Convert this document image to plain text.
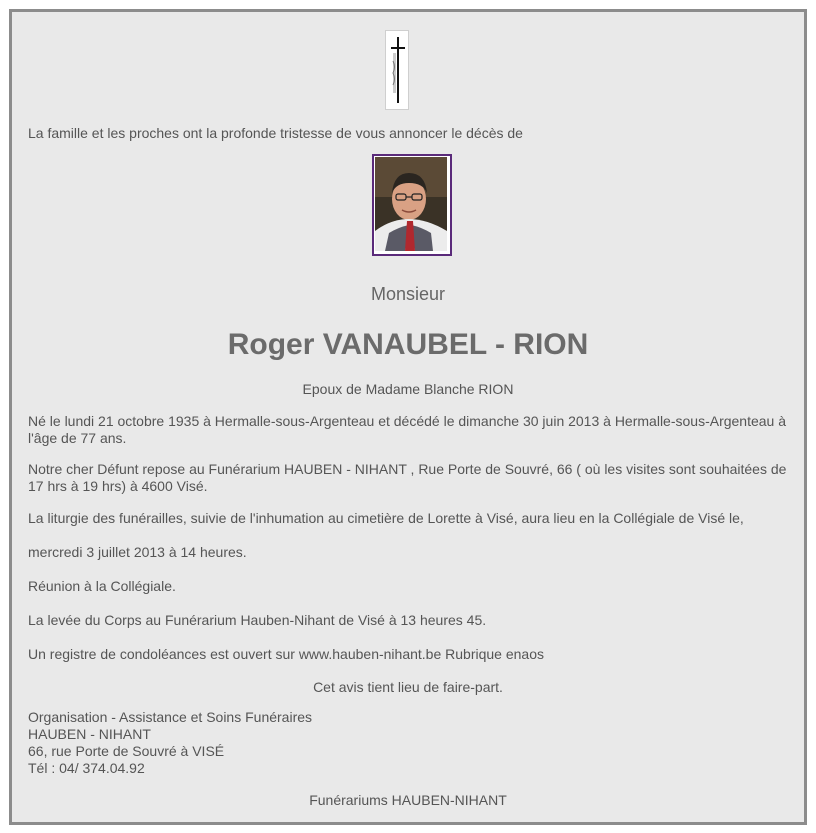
La famille et les proches ont la profonde tristesse de vous annoncer le décès de

Monsieur

Roger VANAUBEL - RION

Epoux de Madame Blanche RION

Né le lundi 21 octobre 1935 à Hermalle-sous-Argenteau et décédé le dimanche 30 juin 2013 à Hermalle-sous-Argenteau à l'âge de 77 ans.

Notre cher Défunt repose au Funérarium HAUBEN - NIHANT , Rue Porte de Souvré, 66 ( où les visites sont souhaitées de 17 hrs à 19 hrs) à 4600 Visé.

La liturgie des funérailles, suivie de l'inhumation au cimetière de Lorette à Visé, aura lieu en la Collégiale de Visé le,

mercredi 3 juillet 2013 à 14 heures.

Réunion à la Collégiale.

La levée du Corps au Funérarium Hauben-Nihant de Visé à 13 heures 45.

Un registre de condoléances est ouvert sur www.hauben-nihant.be Rubrique enaos

Cet avis tient lieu de faire-part.

Organisation - Assistance et Soins Funéraires
HAUBEN - NIHANT
66, rue Porte de Souvré à VISÉ
Tél : 04/ 374.04.92

Funérariums HAUBEN-NIHANT
